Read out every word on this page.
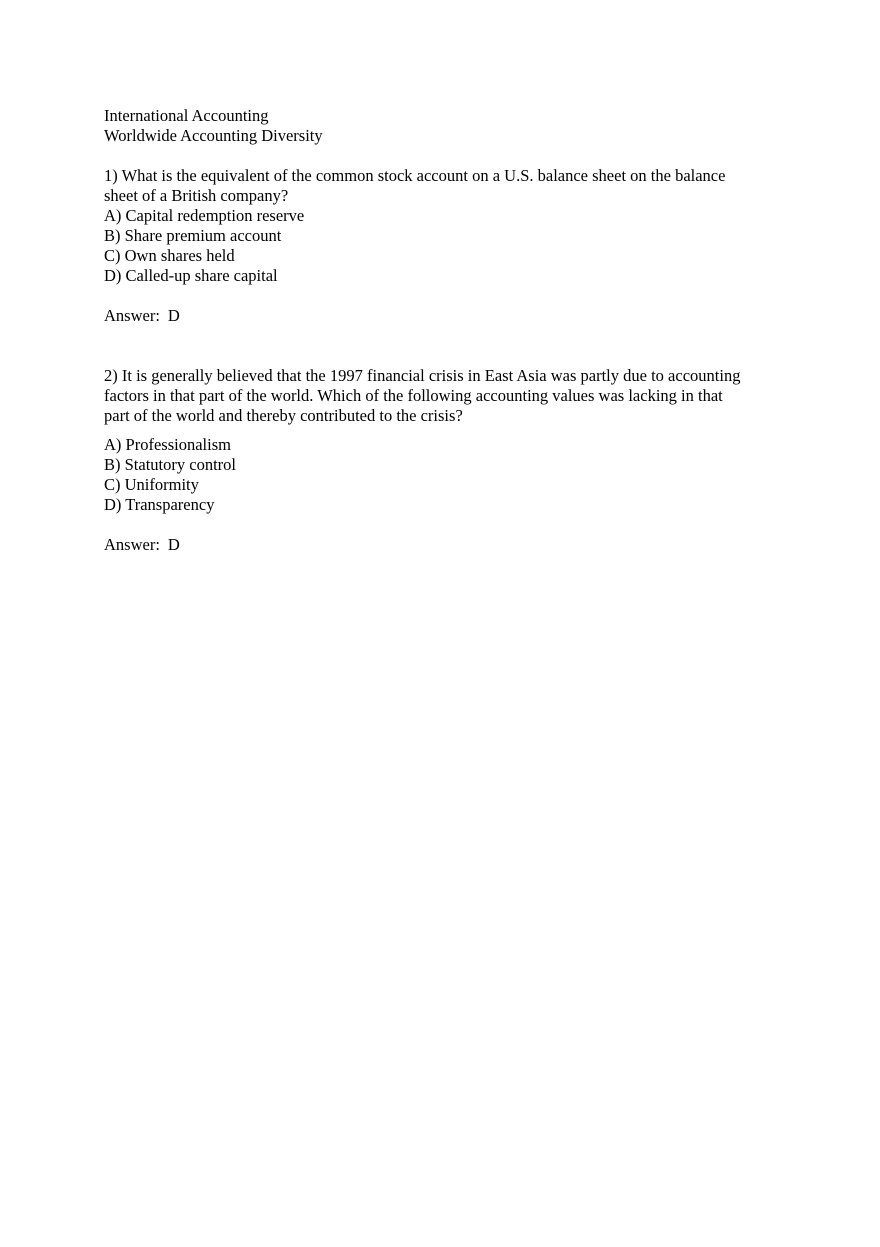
International Accounting
Worldwide Accounting Diversity
1) What is the equivalent of the common stock account on a U.S. balance sheet on the balance
sheet of a British company?
A) Capital redemption reserve
B) Share premium account
C) Own shares held
D) Called-up share capital
Answer: D
2) It is generally believed that the 1997 financial crisis in East Asia was partly due to accounting
factors in that part of the world. Which of the following accounting values was lacking in that
part of the world and thereby contributed to the crisis?
A) Professionalism
B) Statutory control
C) Uniformity
D) Transparency
Answer: D
